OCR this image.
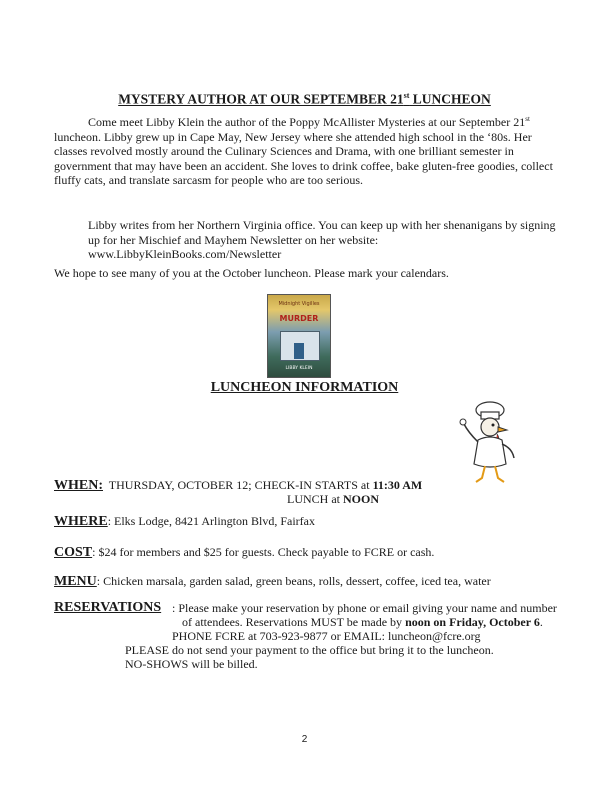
MYSTERY AUTHOR AT OUR SEPTEMBER 21st LUNCHEON
Come meet Libby Klein the author of the Poppy McAllister Mysteries at our September 21st luncheon. Libby grew up in Cape May, New Jersey where she attended high school in the ‘80s. Her classes revolved mostly around the Culinary Sciences and Drama, with one brilliant semester in government that may have been an accident. She loves to drink coffee, bake gluten-free goodies, collect fluffy cats, and translate sarcasm for people who are too serious.
Libby writes from her Northern Virginia office. You can keep up with her shenanigans by signing up for her Mischief and Mayhem Newsletter on her website:
www.LibbyKleinBooks.com/Newsletter
We hope to see many of you at the October luncheon. Please mark your calendars.
Midnight Vigilles
MURDER
LIBBY KLEIN
LUNCHEON INFORMATION
WHEN: THURSDAY, OCTOBER 12; CHECK-IN STARTS at 11:30 AM
LUNCH at NOON
WHERE: Elks Lodge, 8421 Arlington Blvd, Fairfax
COST: $24 for members and $25 for guests. Check payable to FCRE or cash.
MENU: Chicken marsala, garden salad, green beans, rolls, dessert, coffee, iced tea, water
RESERVATIONS : Please make your reservation by phone or email giving your name and number
of attendees. Reservations MUST be made by noon on Friday, October 6.
PHONE FCRE at 703-923-9877 or EMAIL: luncheon@fcre.org
PLEASE do not send your payment to the office but bring it to the luncheon.
NO-SHOWS will be billed.
2
